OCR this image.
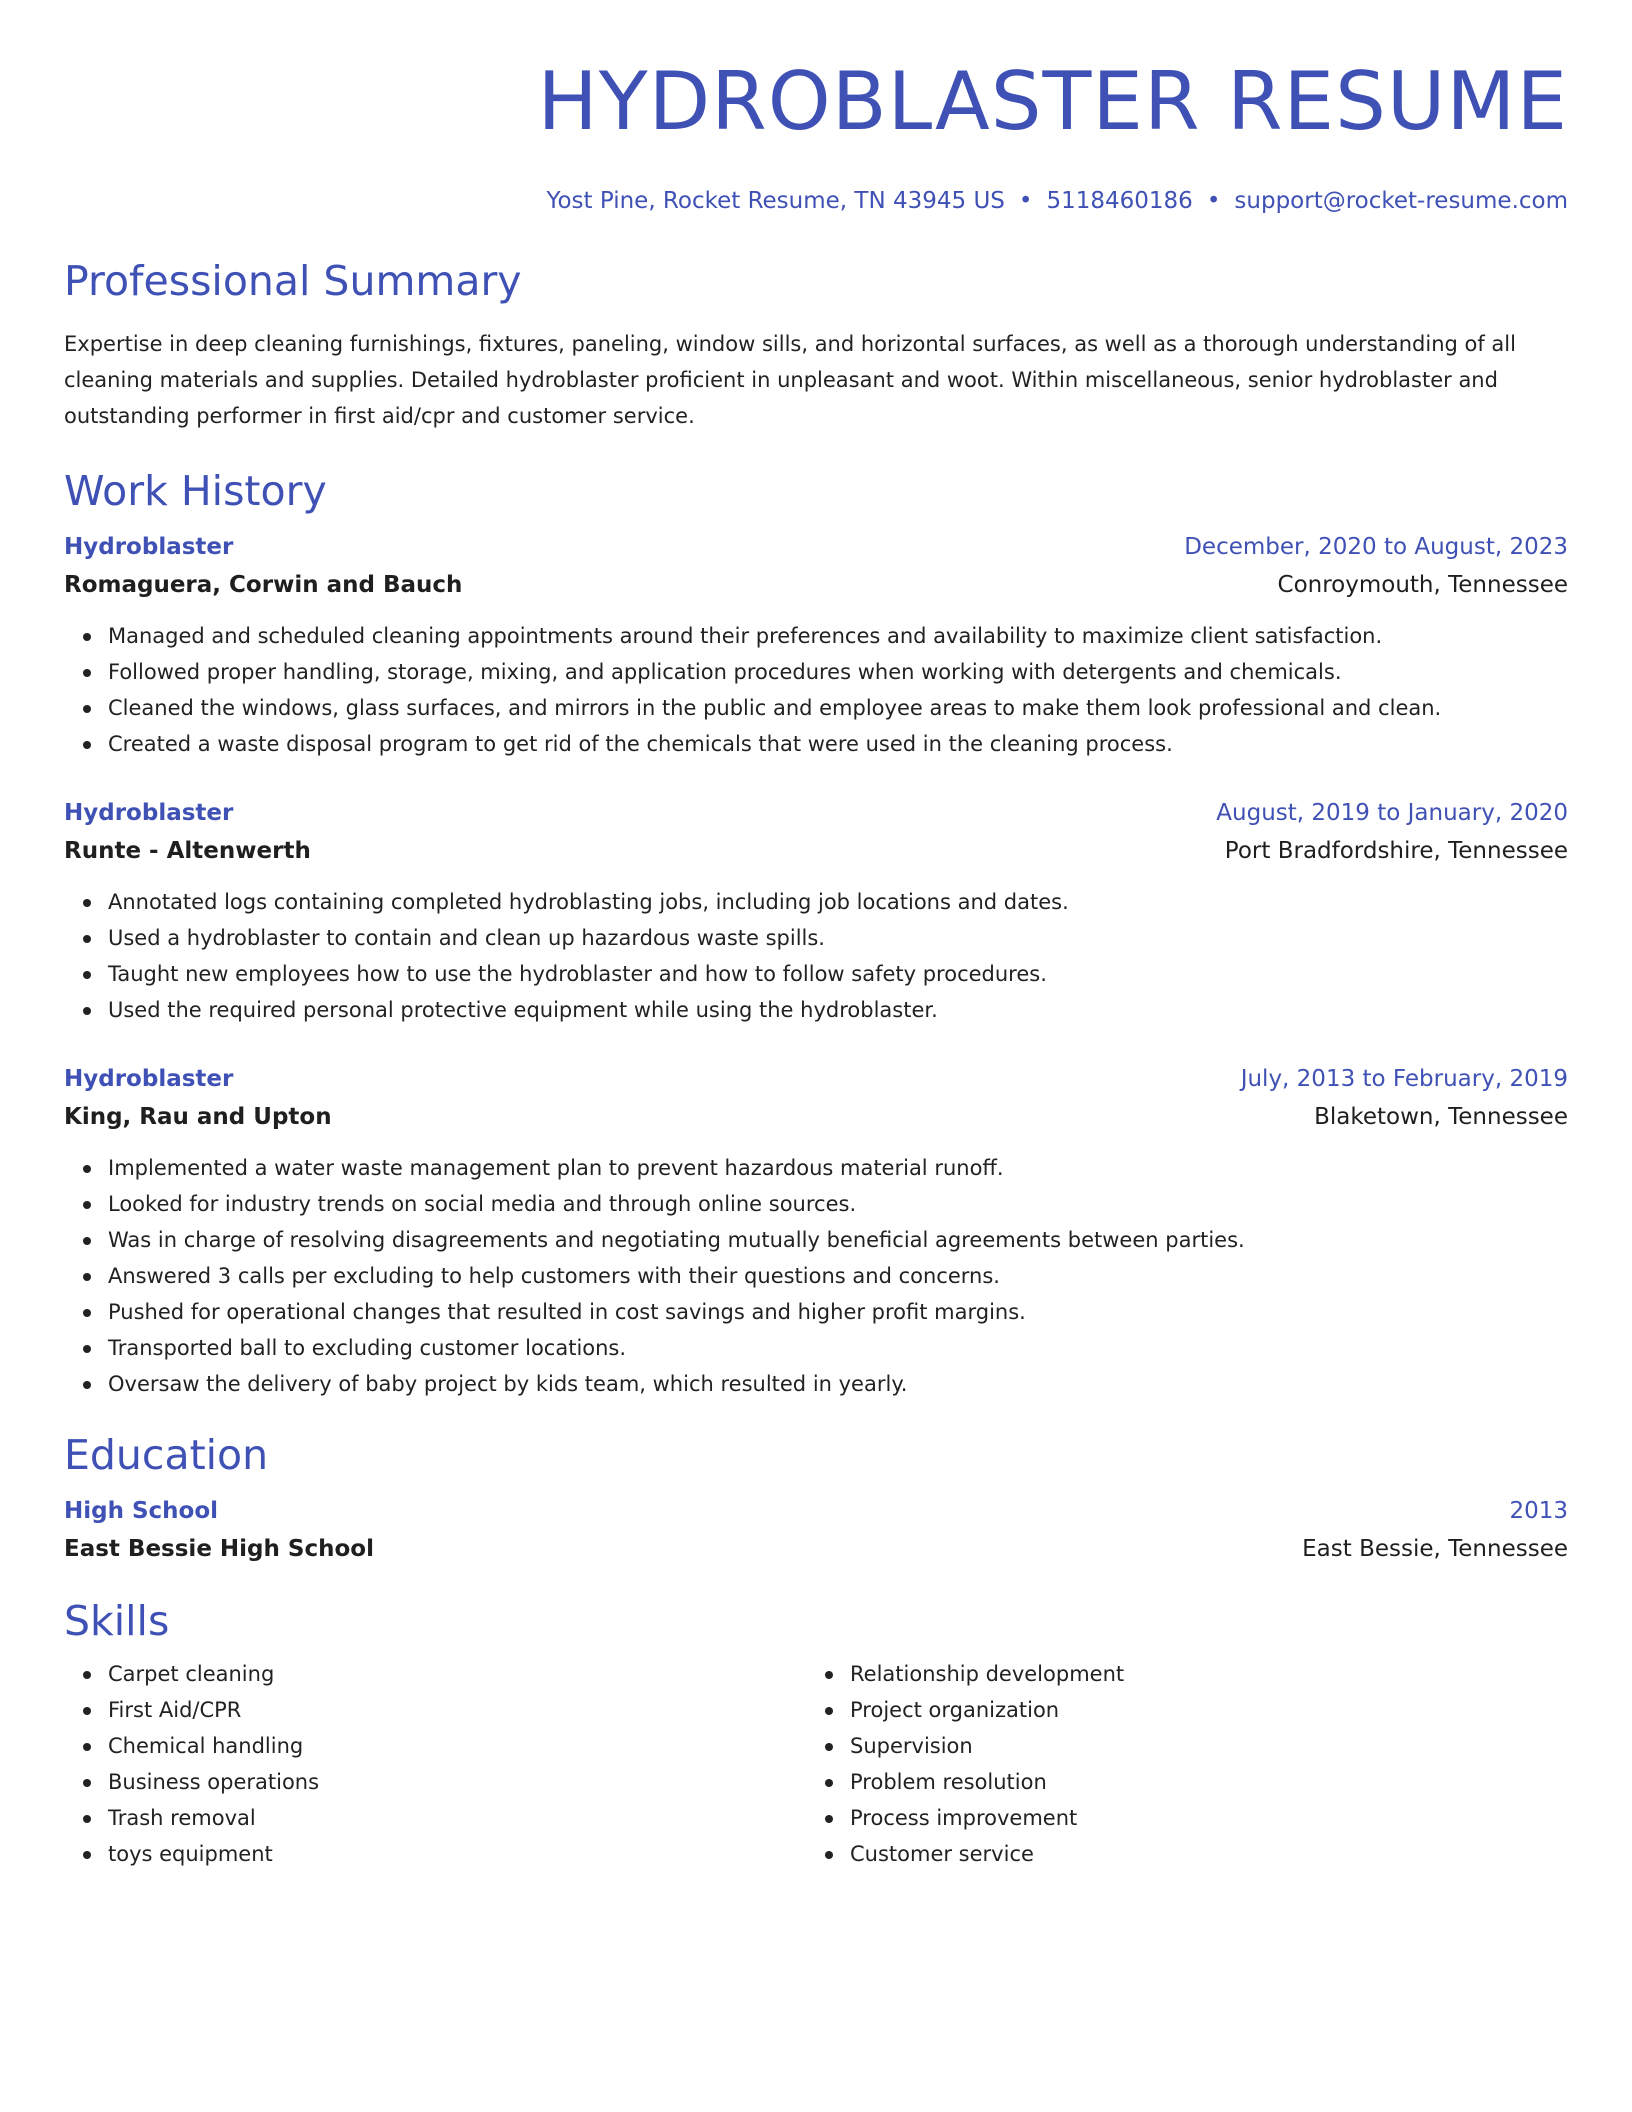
HYDROBLASTER RESUME
Yost Pine, Rocket Resume, TN 43945 US • 5118460186 • support@rocket-resume.com
Professional Summary
Expertise in deep cleaning furnishings, fixtures, paneling, window sills, and horizontal surfaces, as well as a thorough understanding of all cleaning materials and supplies. Detailed hydroblaster proficient in unpleasant and woot. Within miscellaneous, senior hydroblaster and outstanding performer in first aid/cpr and customer service.
Work History
Hydroblaster	December, 2020 to August, 2023
Romaguera, Corwin and Bauch	Conroymouth, Tennessee
Managed and scheduled cleaning appointments around their preferences and availability to maximize client satisfaction.
Followed proper handling, storage, mixing, and application procedures when working with detergents and chemicals.
Cleaned the windows, glass surfaces, and mirrors in the public and employee areas to make them look professional and clean.
Created a waste disposal program to get rid of the chemicals that were used in the cleaning process.
Hydroblaster	August, 2019 to January, 2020
Runte - Altenwerth	Port Bradfordshire, Tennessee
Annotated logs containing completed hydroblasting jobs, including job locations and dates.
Used a hydroblaster to contain and clean up hazardous waste spills.
Taught new employees how to use the hydroblaster and how to follow safety procedures.
Used the required personal protective equipment while using the hydroblaster.
Hydroblaster	July, 2013 to February, 2019
King, Rau and Upton	Blaketown, Tennessee
Implemented a water waste management plan to prevent hazardous material runoff.
Looked for industry trends on social media and through online sources.
Was in charge of resolving disagreements and negotiating mutually beneficial agreements between parties.
Answered 3 calls per excluding to help customers with their questions and concerns.
Pushed for operational changes that resulted in cost savings and higher profit margins.
Transported ball to excluding customer locations.
Oversaw the delivery of baby project by kids team, which resulted in yearly.
Education
High School	2013
East Bessie High School	East Bessie, Tennessee
Skills
Carpet cleaning
First Aid/CPR
Chemical handling
Business operations
Trash removal
toys equipment
Relationship development
Project organization
Supervision
Problem resolution
Process improvement
Customer service
